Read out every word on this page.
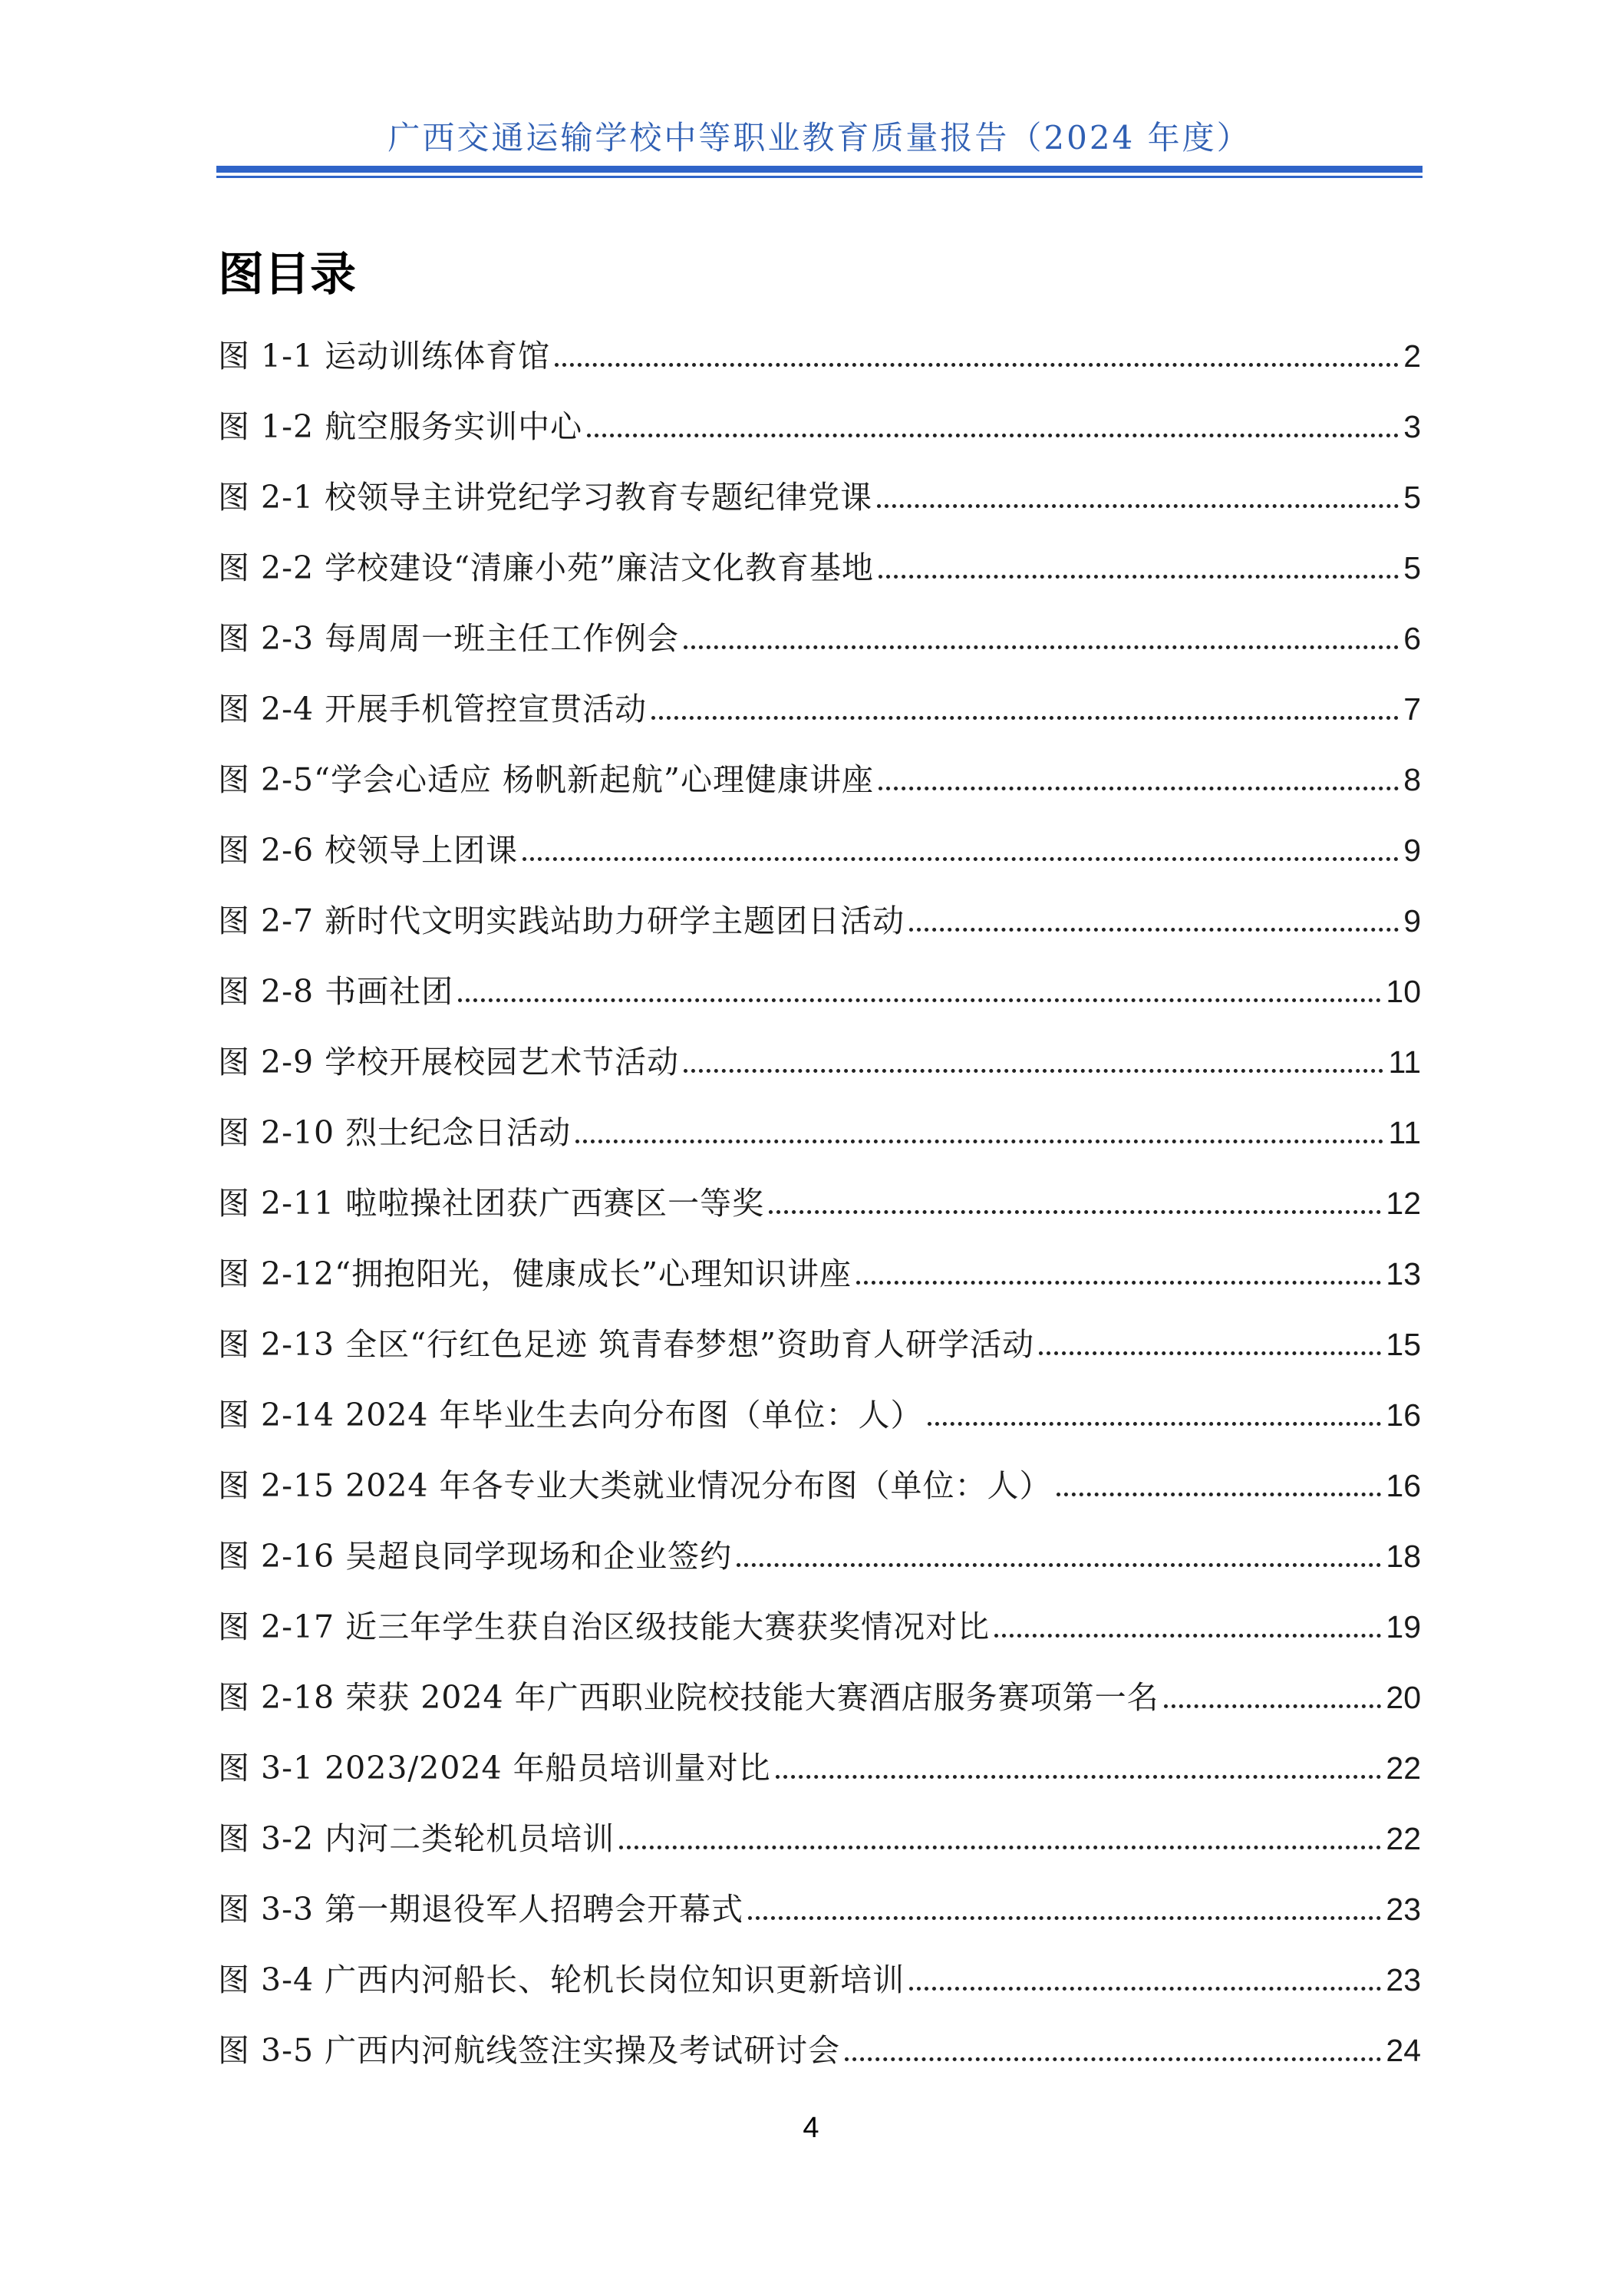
广西交通运输学校中等职业教育质量报告（2024 年度）
图目录
图 1-1 运动训练体育馆	2
图 1-2 航空服务实训中心	3
图 2-1 校领导主讲党纪学习教育专题纪律党课	5
图 2-2 学校建设“清廉小苑”廉洁文化教育基地	5
图 2-3 每周周一班主任工作例会	6
图 2-4 开展手机管控宣贯活动	7
图 2-5“学会心适应 杨帆新起航”心理健康讲座	8
图 2-6 校领导上团课	9
图 2-7 新时代文明实践站助力研学主题团日活动	9
图 2-8 书画社团	10
图 2-9 学校开展校园艺术节活动	11
图 2-10 烈士纪念日活动	11
图 2-11 啦啦操社团获广西赛区一等奖	12
图 2-12“拥抱阳光，健康成长”心理知识讲座	13
图 2-13 全区“行红色足迹 筑青春梦想”资助育人研学活动	15
图 2-14 2024 年毕业生去向分布图（单位：人）	16
图 2-15 2024 年各专业大类就业情况分布图（单位：人）	16
图 2-16 吴超良同学现场和企业签约	18
图 2-17 近三年学生获自治区级技能大赛获奖情况对比	19
图 2-18 荣获 2024 年广西职业院校技能大赛酒店服务赛项第一名	20
图 3-1 2023/2024 年船员培训量对比	22
图 3-2 内河二类轮机员培训	22
图 3-3 第一期退役军人招聘会开幕式	23
图 3-4 广西内河船长、轮机长岗位知识更新培训	23
图 3-5 广西内河航线签注实操及考试研讨会	24
4
